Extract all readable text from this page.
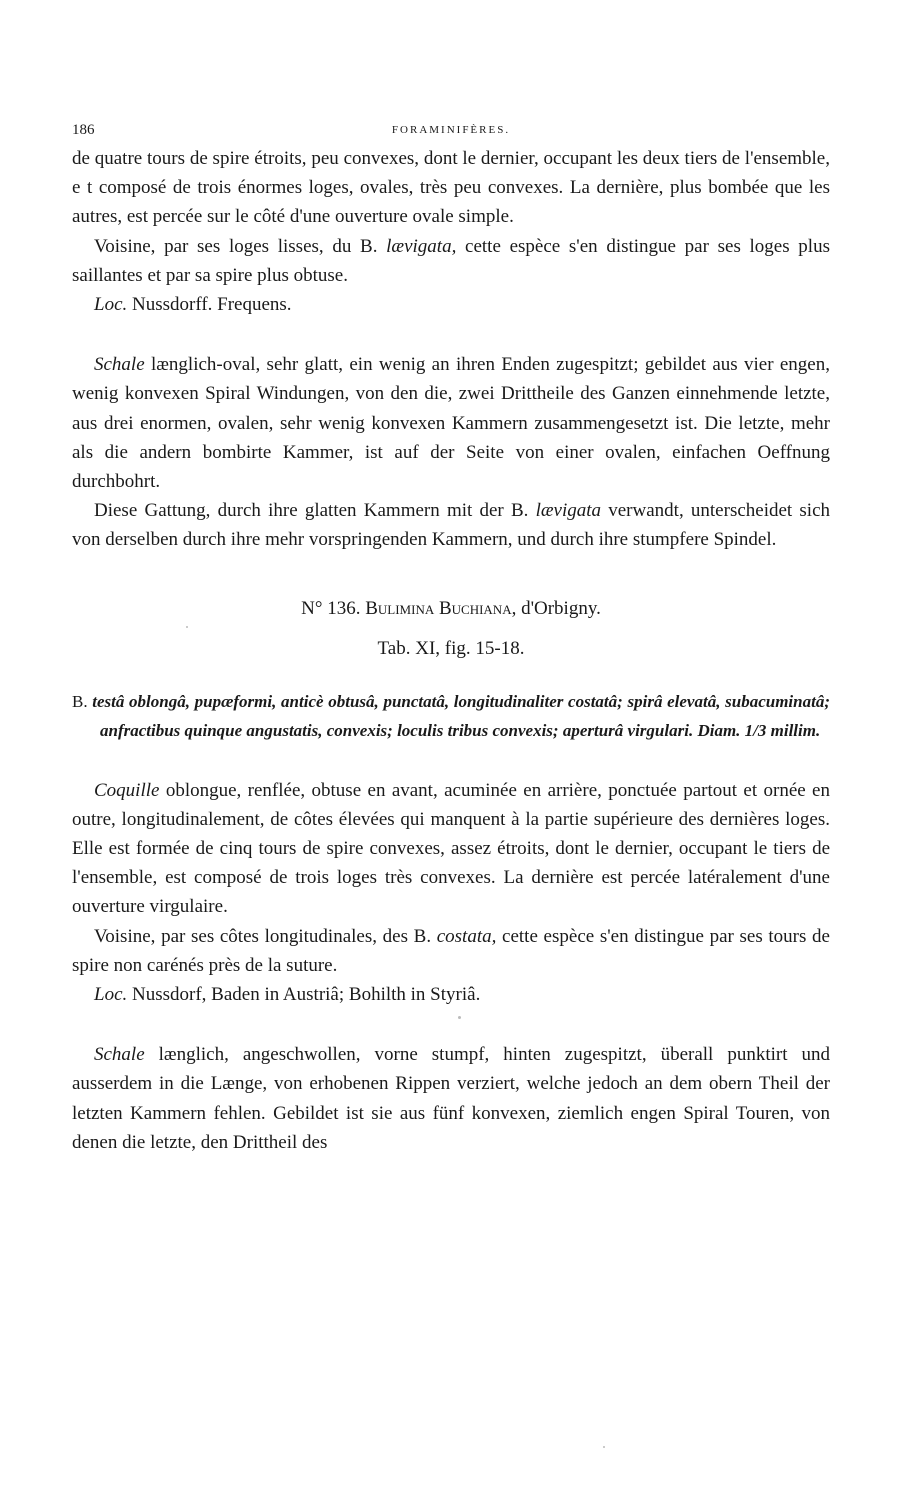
186	FORAMINIFÈRES.

de quatre tours de spire étroits, peu convexes, dont le dernier, occupant les deux tiers de l'ensemble, e t composé de trois énormes loges, ovales, très peu convexes. La dernière, plus bombée que les autres, est percée sur le côté d'une ouverture ovale simple.

Voisine, par ses loges lisses, du B. lævigata, cette espèce s'en distingue par ses loges plus saillantes et par sa spire plus obtuse.

Loc. Nussdorff. Frequens.

Schale længlich-oval, sehr glatt, ein wenig an ihren Enden zugespitzt; gebildet aus vier engen, wenig konvexen Spiral Windungen, von den die, zwei Drittheile des Ganzen einnehmende letzte, aus drei enormen, ovalen, sehr wenig konvexen Kammern zusammengesetzt ist. Die letzte, mehr als die andern bombirte Kammer, ist auf der Seite von einer ovalen, einfachen Oeffnung durchbohrt.

Diese Gattung, durch ihre glatten Kammern mit der B. lævigata verwandt, unterscheidet sich von derselben durch ihre mehr vorspringenden Kammern, und durch ihre stumpfere Spindel.

N° 136. Bulimina Buchiana, d'Orbigny.
Tab. XI, fig. 15-18.

B. testâ oblongâ, pupæformi, anticè obtusâ, punctatâ, longitudinaliter costatâ; spirâ elevatâ, subacuminatâ; anfractibus quinque angustatis, convexis; loculis tribus convexis; aperturâ virgulari. Diam. 1/3 millim.

Coquille oblongue, renflée, obtuse en avant, acuminée en arrière, ponctuée partout et ornée en outre, longitudinalement, de côtes élevées qui manquent à la partie supérieure des dernières loges. Elle est formée de cinq tours de spire convexes, assez étroits, dont le dernier, occupant le tiers de l'ensemble, est composé de trois loges très convexes. La dernière est percée latéralement d'une ouverture virgulaire.

Voisine, par ses côtes longitudinales, des B. costata, cette espèce s'en distingue par ses tours de spire non carénés près de la suture.

Loc. Nussdorf, Baden in Austriâ; Bohilth in Styriâ.

Schale længlich, angeschwollen, vorne stumpf, hinten zugespitzt, überall punktirt und ausserdem in die Længe, von erhobenen Rippen verziert, welche jedoch an dem obern Theil der letzten Kammern fehlen. Gebildet ist sie aus fünf konvexen, ziemlich engen Spiral Touren, von denen die letzte, den Drittheil des
